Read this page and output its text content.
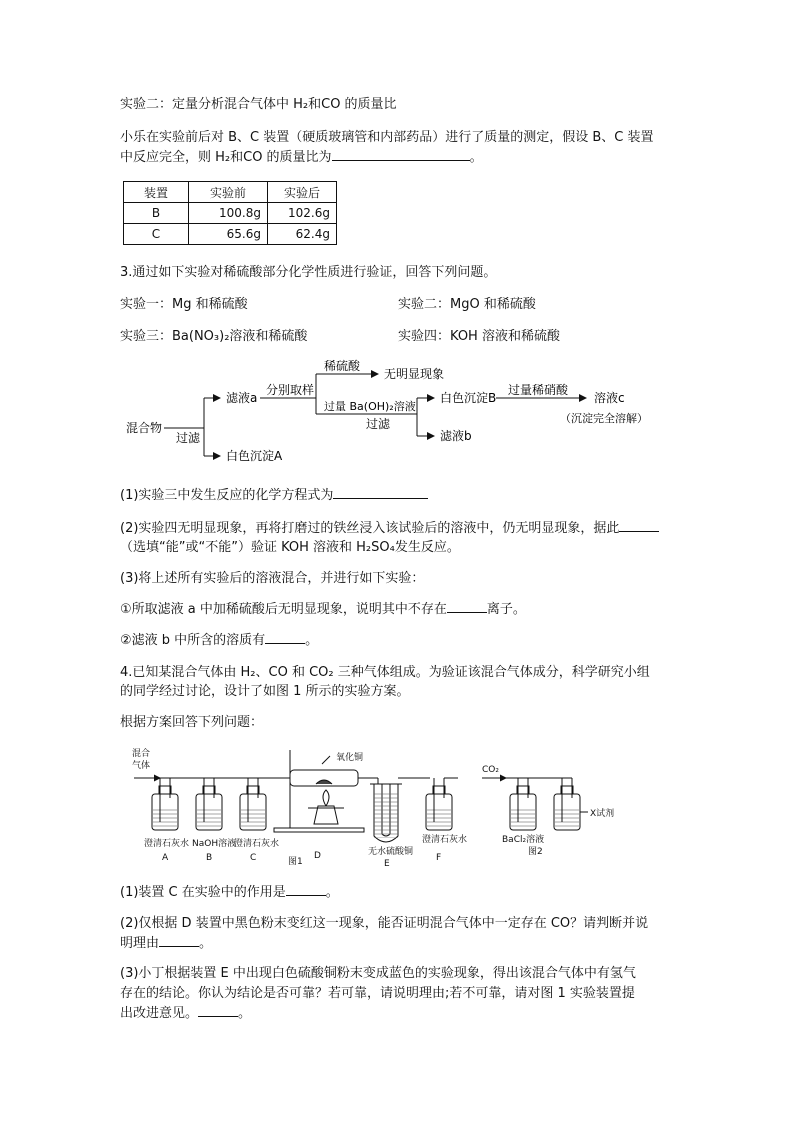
实验二：定量分析混合气体中 H₂和CO 的质量比

小乐在实验前后对 B、C 装置（硬质玻璃管和内部药品）进行了质量的测定，假设 B、C 装置

中反应完全，则 H₂和CO 的质量比为	。

装置	实验前	实验后
B	100.8g	102.6g
C	65.6g	62.4g

3.通过如下实验对稀硫酸部分化学性质进行验证，回答下列问题。

实验一：Mg 和稀硫酸	实验二：MgO 和稀硫酸
实验三：Ba(NO₃)₂溶液和稀硫酸	实验四：KOH 溶液和稀硫酸
混合物
过滤
滤液a
白色沉淀A
分别取样
稀硫酸
无明显现象
过量 Ba(OH)₂溶液
过滤
白色沉淀B
滤液b
过量稀硝酸
溶液c
（沉淀完全溶解）

(1)实验三中发生反应的化学方程式为

(2)实验四无明显现象，再将打磨过的铁丝浸入该试验后的溶液中，仍无明显现象，据此

（选填“能”或“不能”）验证 KOH 溶液和 H₂SO₄发生反应。

(3)将上述所有实验后的溶液混合，并进行如下实验：

①所取滤液 a 中加稀硫酸后无明显现象，说明其中不存在	离子。

②滤液 b 中所含的溶质有	。

4.已知某混合气体由 H₂、CO 和 CO₂ 三种气体组成。为验证该混合气体成分，科学研究小组

的同学经过讨论，设计了如图 1 所示的实验方案。

根据方案回答下列问题：

混合
气体
氧化铜
澄清石灰水 NaOH溶液
澄清石灰水
无水硫酸铜
澄清石灰水
A	B	C	D
E
F
图1
CO₂
BaCl₂溶液
X试剂
图2

(1)装置 C 在实验中的作用是	。

(2)仅根据 D 装置中黑色粉末变红这一现象，能否证明混合气体中一定存在 CO？请判断并说

明理由	。

(3)小丁根据装置 E 中出现白色硫酸铜粉末变成蓝色的实验现象，得出该混合气体中有氢气

存在的结论。你认为结论是否可靠？若可靠，请说明理由;若不可靠，请对图 1 实验装置提

出改进意见。	。
